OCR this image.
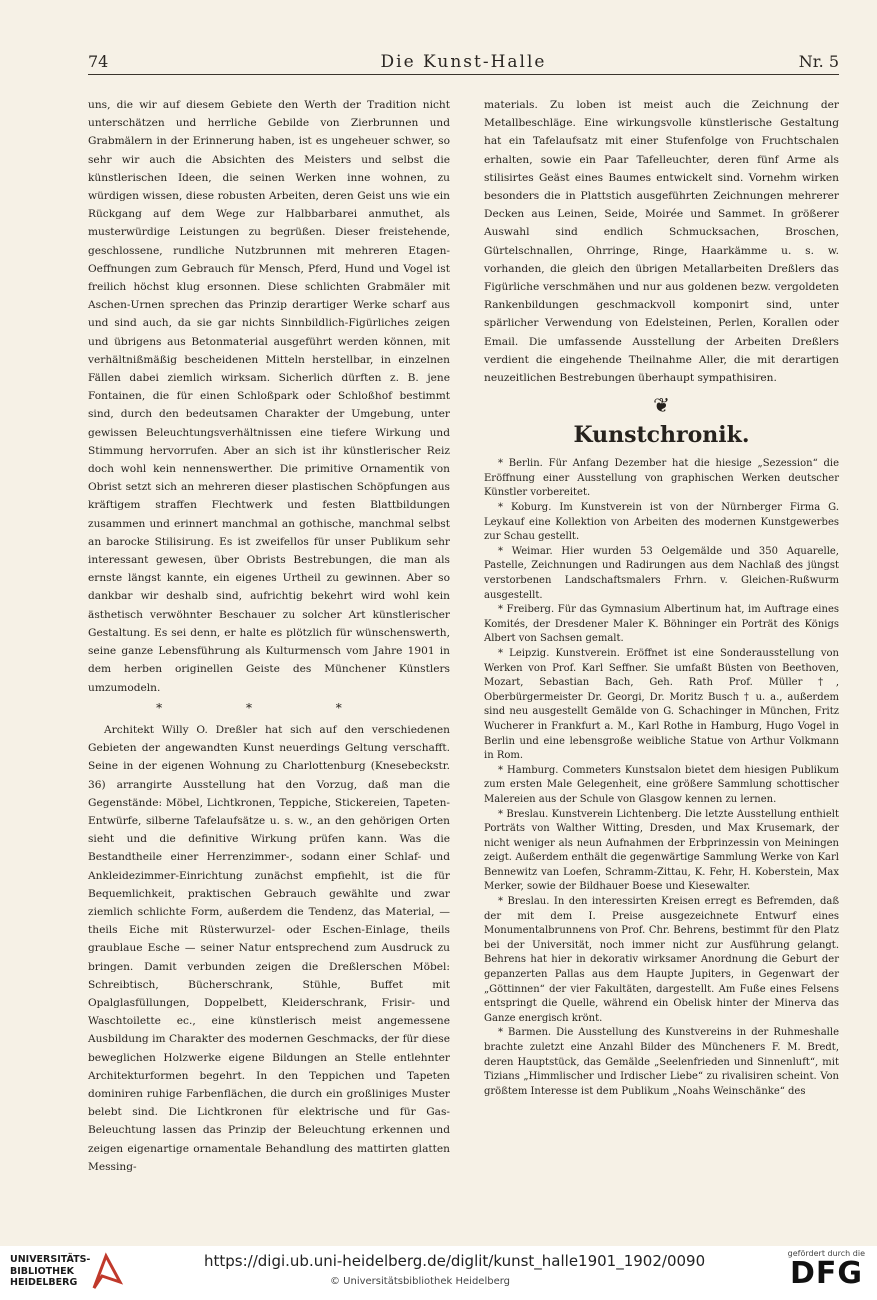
74	Die Kunst-Halle	Nr. 5

uns, die wir auf diesem Gebiete den Werth der Tradition nicht unterschätzen und herrliche Gebilde von Zierbrunnen und Grabmälern in der Erinnerung haben, ist es ungeheuer schwer, so sehr wir auch die Absichten des Meisters und selbst die künstlerischen Ideen, die seinen Werken inne wohnen, zu würdigen wissen, diese robusten Arbeiten, deren Geist uns wie ein Rückgang auf dem Wege zur Halbbarbarei anmuthet, als musterwürdige Leistungen zu begrüßen. Dieser freistehende, geschlossene, rundliche Nutzbrunnen mit mehreren Etagen-Oeffnungen zum Gebrauch für Mensch, Pferd, Hund und Vogel ist freilich höchst klug ersonnen. Diese schlichten Grabmäler mit Aschen-Urnen sprechen das Prinzip derartiger Werke scharf aus und sind auch, da sie gar nichts Sinnbildlich-Figürliches zeigen und übrigens aus Betonmaterial ausgeführt werden können, mit verhältnißmäßig bescheidenen Mitteln herstellbar, in einzelnen Fällen dabei ziemlich wirksam. Sicherlich dürften z. B. jene Fontainen, die für einen Schloßpark oder Schloßhof bestimmt sind, durch den bedeutsamen Charakter der Umgebung, unter gewissen Beleuchtungsverhältnissen eine tiefere Wirkung und Stimmung hervorrufen. Aber an sich ist ihr künstlerischer Reiz doch wohl kein nennenswerther. Die primitive Ornamentik von Obrist setzt sich an mehreren dieser plastischen Schöpfungen aus kräftigem straffen Flechtwerk und festen Blattbildungen zusammen und erinnert manchmal an gothische, manchmal selbst an barocke Stilisirung. Es ist zweifellos für unser Publikum sehr interessant gewesen, über Obrists Bestrebungen, die man als ernste längst kannte, ein eigenes Urtheil zu gewinnen. Aber so dankbar wir deshalb sind, aufrichtig bekehrt wird wohl kein ästhetisch verwöhnter Beschauer zu solcher Art künstlerischer Gestaltung. Es sei denn, er halte es plötzlich für wünschenswerth, seine ganze Lebensführung als Kulturmensch vom Jahre 1901 in dem herben originellen Geiste des Münchener Künstlers umzumodeln.

* * *

Architekt Willy O. Dreßler hat sich auf den verschiedenen Gebieten der angewandten Kunst neuerdings Geltung verschafft. Seine in der eigenen Wohnung zu Charlottenburg (Knesebeckstr. 36) arrangirte Ausstellung hat den Vorzug, daß man die Gegenstände: Möbel, Lichtkronen, Teppiche, Stickereien, Tapeten-Entwürfe, silberne Tafelaufsätze u. s. w., an den gehörigen Orten sieht und die definitive Wirkung prüfen kann. Was die Bestandtheile einer Herrenzimmer-, sodann einer Schlaf- und Ankleidezimmer-Einrichtung zunächst empfiehlt, ist die für Bequemlichkeit, praktischen Gebrauch gewählte und zwar ziemlich schlichte Form, außerdem die Tendenz, das Material, — theils Eiche mit Rüsterwurzel- oder Eschen-Einlage, theils graublaue Esche — seiner Natur entsprechend zum Ausdruck zu bringen. Damit verbunden zeigen die Dreßlerschen Möbel: Schreibtisch, Bücherschrank, Stühle, Buffet mit Opalglasfüllungen, Doppelbett, Kleiderschrank, Frisir- und Waschtoilette ec., eine künstlerisch meist angemessene Ausbildung im Charakter des modernen Geschmacks, der für diese beweglichen Holzwerke eigene Bildungen an Stelle entlehnter Architekturformen begehrt. In den Teppichen und Tapeten dominiren ruhige Farbenflächen, die durch ein großliniges Muster belebt sind. Die Lichtkronen für elektrische und für Gas-Beleuchtung lassen das Prinzip der Beleuchtung erkennen und zeigen eigenartige ornamentale Behandlung des mattirten glatten Messing-

materials. Zu loben ist meist auch die Zeichnung der Metallbeschläge. Eine wirkungsvolle künstlerische Gestaltung hat ein Tafelaufsatz mit einer Stufenfolge von Fruchtschalen erhalten, sowie ein Paar Tafelleuchter, deren fünf Arme als stilisirtes Geäst eines Baumes entwickelt sind. Vornehm wirken besonders die in Plattstich ausgeführten Zeichnungen mehrerer Decken aus Leinen, Seide, Moirée und Sammet. In größerer Auswahl sind endlich Schmucksachen, Broschen, Gürtelschnallen, Ohrringe, Ringe, Haarkämme u. s. w. vorhanden, die gleich den übrigen Metallarbeiten Dreßlers das Figürliche verschmähen und nur aus goldenen bezw. vergoldeten Rankenbildungen geschmackvoll komponirt sind, unter spärlicher Verwendung von Edelsteinen, Perlen, Korallen oder Email. Die umfassende Ausstellung der Arbeiten Dreßlers verdient die eingehende Theilnahme Aller, die mit derartigen neuzeitlichen Bestrebungen überhaupt sympathisiren.

❦
Kunstchronik.

* Berlin. Für Anfang Dezember hat die hiesige „Sezession“ die Eröffnung einer Ausstellung von graphischen Werken deutscher Künstler vorbereitet.

* Koburg. Im Kunstverein ist von der Nürnberger Firma G. Leykauf eine Kollektion von Arbeiten des modernen Kunstgewerbes zur Schau gestellt.

* Weimar. Hier wurden 53 Oelgemälde und 350 Aquarelle, Pastelle, Zeichnungen und Radirungen aus dem Nachlaß des jüngst verstorbenen Landschaftsmalers Frhrn. v. Gleichen-Rußwurm ausgestellt.

* Freiberg. Für das Gymnasium Albertinum hat, im Auftrage eines Komités, der Dresdener Maler K. Böhninger ein Porträt des Königs Albert von Sachsen gemalt.

* Leipzig. Kunstverein. Eröffnet ist eine Sonderausstellung von Werken von Prof. Karl Seffner. Sie umfaßt Büsten von Beethoven, Mozart, Sebastian Bach, Geh. Rath Prof. Müller †, Oberbürgermeister Dr. Georgi, Dr. Moritz Busch † u. a., außerdem sind neu ausgestellt Gemälde von G. Schachinger in München, Fritz Wucherer in Frankfurt a. M., Karl Rothe in Hamburg, Hugo Vogel in Berlin und eine lebensgroße weibliche Statue von Arthur Volkmann in Rom.

* Hamburg. Commeters Kunstsalon bietet dem hiesigen Publikum zum ersten Male Gelegenheit, eine größere Sammlung schottischer Malereien aus der Schule von Glasgow kennen zu lernen.

* Breslau. Kunstverein Lichtenberg. Die letzte Ausstellung enthielt Porträts von Walther Witting, Dresden, und Max Krusemark, der nicht weniger als neun Aufnahmen der Erbprinzessin von Meiningen zeigt. Außerdem enthält die gegenwärtige Sammlung Werke von Karl Bennewitz van Loefen, Schramm-Zittau, K. Fehr, H. Koberstein, Max Merker, sowie der Bildhauer Boese und Kiesewalter.

* Breslau. In den interessirten Kreisen erregt es Befremden, daß der mit dem I. Preise ausgezeichnete Entwurf eines Monumentalbrunnens von Prof. Chr. Behrens, bestimmt für den Platz bei der Universität, noch immer nicht zur Ausführung gelangt. Behrens hat hier in dekorativ wirksamer Anordnung die Geburt der gepanzerten Pallas aus dem Haupte Jupiters, in Gegenwart der „Göttinnen“ der vier Fakultäten, dargestellt. Am Fuße eines Felsens entspringt die Quelle, während ein Obelisk hinter der Minerva das Ganze energisch krönt.

* Barmen. Die Ausstellung des Kunstvereins in der Ruhmeshalle brachte zuletzt eine Anzahl Bilder des Müncheners F. M. Bredt, deren Hauptstück, das Gemälde „Seelenfrieden und Sinnenluft“, mit Tizians „Himmlischer und Irdischer Liebe“ zu rivalisiren scheint. Von größtem Interesse ist dem Publikum „Noahs Weinschänke“ des

UNIVERSITÄTS-
BIBLIOTHEK
HEIDELBERG
https://digi.ub.uni-heidelberg.de/diglit/kunst_halle1901_1902/0090
© Universitätsbibliothek Heidelberg
gefördert durch die
DFG
